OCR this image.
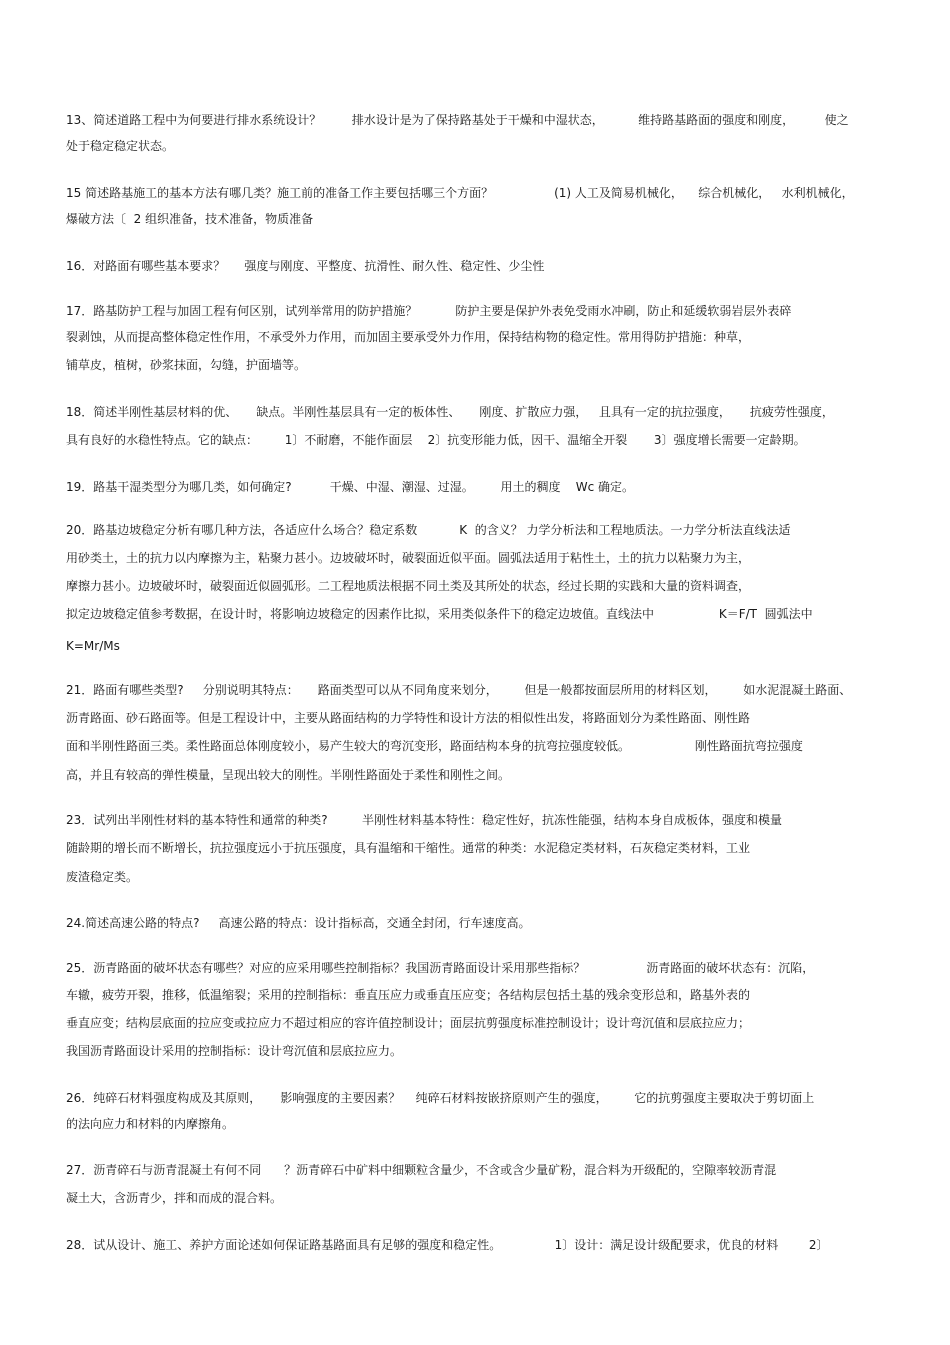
13、简述道路工程中为何要进行排水系统设计？        排水设计是为了保持路基处于干燥和中湿状态，         维持路基路面的强度和刚度，        使之
处于稳定稳定状态。
15 简述路基施工的基本方法有哪几类？施工前的准备工作主要包括哪三个方面？                (1) 人工及简易机械化，    综合机械化，   水利机械化，
爆破方法〔  2 组织准备，技术准备，物质准备
16．对路面有哪些基本要求？     强度与刚度、平整度、抗滑性、耐久性、稳定性、少尘性
17．路基防护工程与加固工程有何区别，试列举常用的防护措施？          防护主要是保护外表免受雨水冲刷，防止和延缓软弱岩层外表碎
裂剥蚀，从而提高整体稳定性作用，不承受外力作用，而加固主要承受外力作用，保持结构物的稳定性。常用得防护措施：种草，
铺草皮，植树，砂浆抹面，勾缝，护面墙等。
18．简述半刚性基层材料的优、     缺点。半刚性基层具有一定的板体性、     刚度、扩散应力强，   且具有一定的抗拉强度，     抗疲劳性强度，
具有良好的水稳性特点。它的缺点：       1〕不耐磨，不能作面层    2〕抗变形能力低，因干、温缩全开裂       3〕强度增长需要一定龄期。
19．路基干湿类型分为哪几类，如何确定?          干燥、中湿、潮湿、过湿。       用土的稠度    Wc 确定。
20．路基边坡稳定分析有哪几种方法，各适应什么场合？稳定系数           K  的含义？ 力学分析法和工程地质法。一力学分析法直线法适
用砂类土，土的抗力以内摩擦为主，粘聚力甚小。边坡破坏时，破裂面近似平面。圆弧法适用于粘性土，土的抗力以粘聚力为主，
摩擦力甚小。边坡破坏时，破裂面近似圆弧形。二工程地质法根据不同土类及其所处的状态，经过长期的实践和大量的资料调查，
拟定边坡稳定值参考数据，在设计时，将影响边坡稳定的因素作比拟，采用类似条件下的稳定边坡值。直线法中                 K＝F/T  圆弧法中
K=Mr/Ms
21．路面有哪些类型?     分别说明其特点：     路面类型可以从不同角度来划分，       但是一般都按面层所用的材料区划，       如水泥混凝土路面、
沥青路面、砂石路面等。但是工程设计中，主要从路面结构的力学特性和设计方法的相似性出发，将路面划分为柔性路面、刚性路
面和半刚性路面三类。柔性路面总体刚度较小，易产生较大的弯沉变形，路面结构本身的抗弯拉强度较低。                 刚性路面抗弯拉强度
高，并且有较高的弹性模量，呈现出较大的刚性。半刚性路面处于柔性和刚性之间。
23．试列出半刚性材料的基本特性和通常的种类?         半刚性材料基本特性：稳定性好，抗冻性能强，结构本身自成板体，强度和模量
随龄期的增长而不断增长，抗拉强度远小于抗压强度，具有温缩和干缩性。通常的种类：水泥稳定类材料，石灰稳定类材料，工业
废渣稳定类。
24.简述高速公路的特点?     高速公路的特点：设计指标高，交通全封闭，行车速度高。
25．沥青路面的破坏状态有哪些？对应的应采用哪些控制指标？我国沥青路面设计采用那些指标？                沥青路面的破坏状态有：沉陷，
车辙，疲劳开裂，推移，低温缩裂；采用的控制指标：垂直压应力或垂直压应变；各结构层包括土基的残余变形总和，路基外表的
垂直应变；结构层底面的拉应变或拉应力不超过相应的容许值控制设计；面层抗剪强度标准控制设计；设计弯沉值和层底拉应力；
我国沥青路面设计采用的控制指标：设计弯沉值和层底拉应力。
26．纯碎石材料强度构成及其原则，     影响强度的主要因素？    纯碎石材料按嵌挤原则产生的强度，       它的抗剪强度主要取决于剪切面上
的法向应力和材料的内摩擦角。
27．沥青碎石与沥青混凝土有何不同      ？沥青碎石中矿料中细颗粒含量少，不含或含少量矿粉，混合料为开级配的，空隙率较沥青混
凝土大，含沥青少，拌和而成的混合料。
28．试从设计、施工、养护方面论述如何保证路基路面具有足够的强度和稳定性。              1〕设计：满足设计级配要求，优良的材料        2〕
